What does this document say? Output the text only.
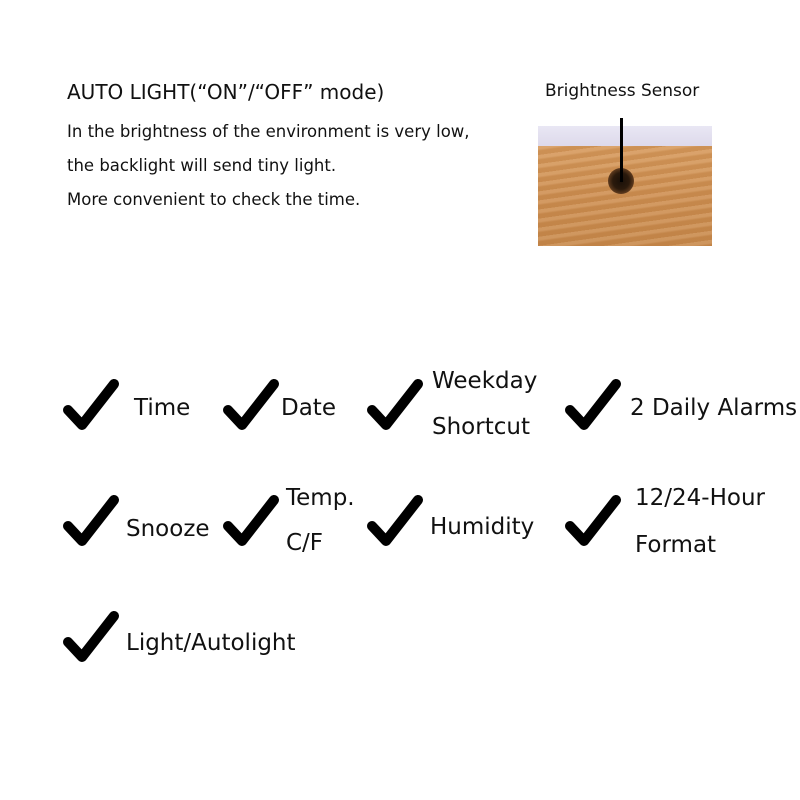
AUTO LIGHT(“ON”/“OFF” mode)
In the brightness of the environment is very low,
the backlight will send tiny light.
More convenient to check the time.
Brightness Sensor
Time	Date
Weekday
Shortcut
2 Daily Alarms
Snooze
Temp.
C/F
Humidity
12/24-Hour
Format
Light/Autolight
